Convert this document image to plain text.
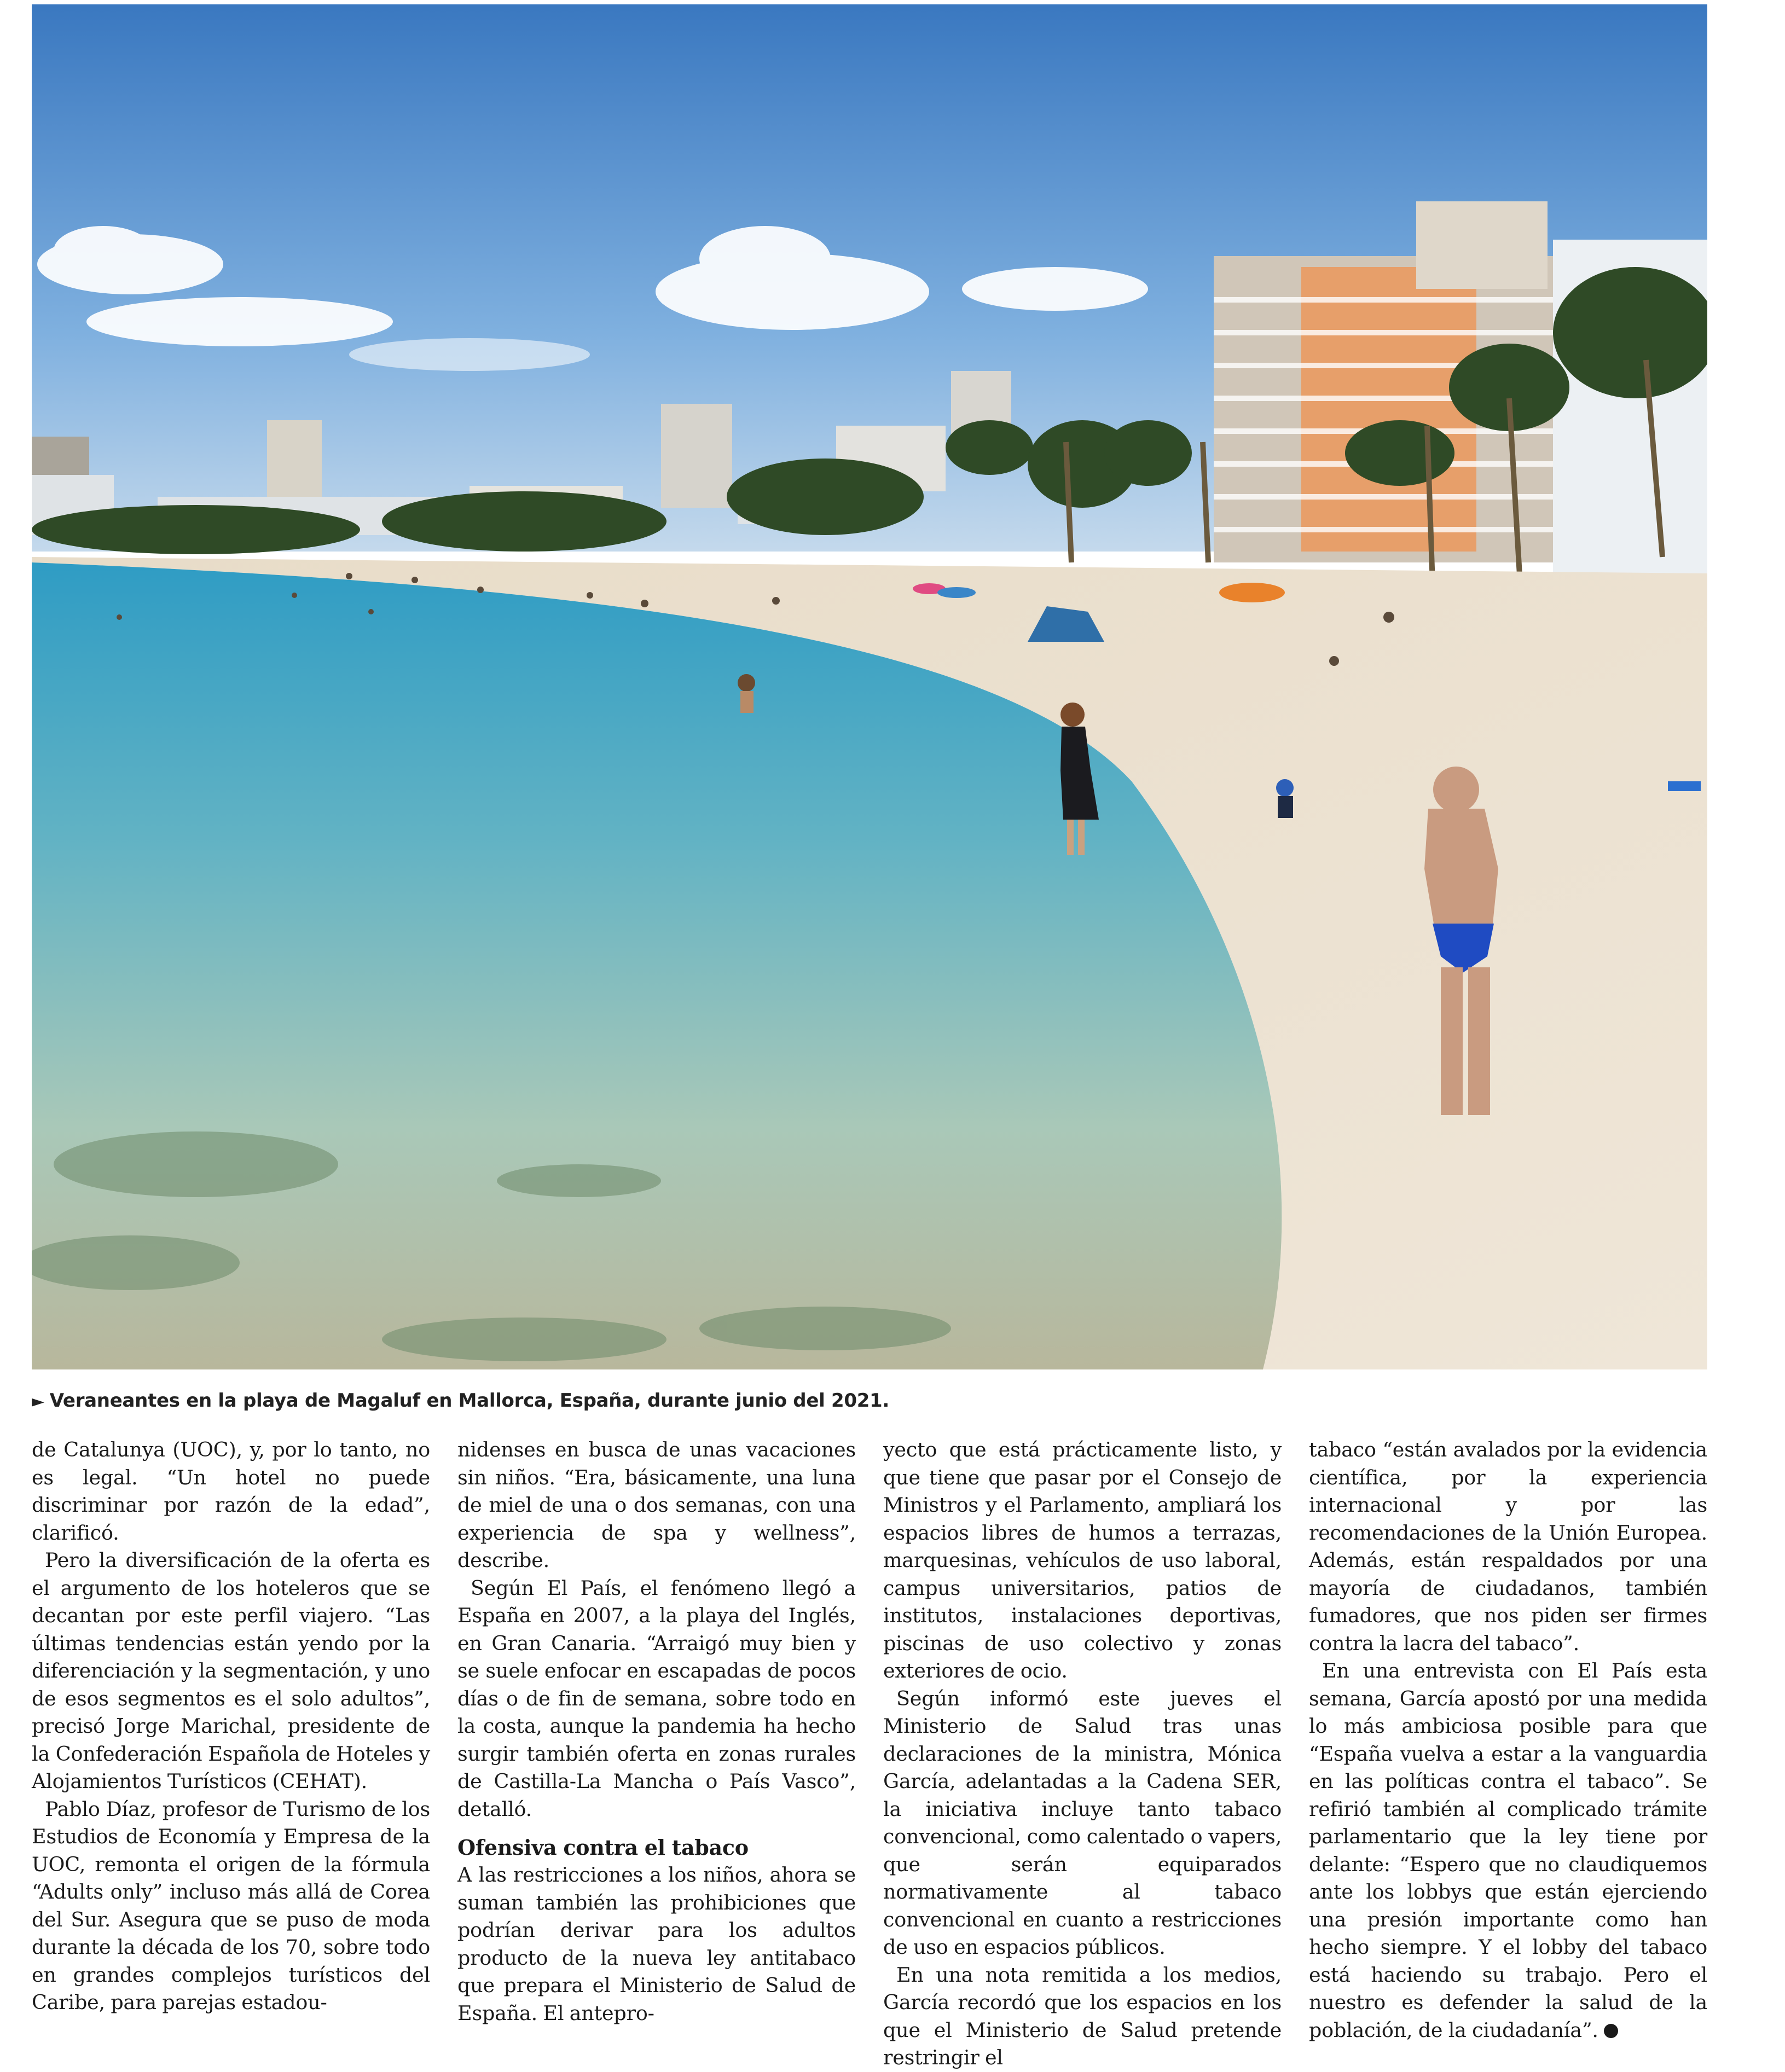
► Veraneantes en la playa de Magaluf en Mallorca, España, durante junio del 2021.

de Catalunya (UOC), y, por lo tanto, no es legal. “Un hotel no puede discriminar por razón de la edad”, clarificó.

Pero la diversificación de la oferta es el argumento de los hoteleros que se decantan por este perfil viajero. “Las últimas tendencias están yendo por la diferenciación y la segmentación, y uno de esos segmentos es el solo adultos”, precisó Jorge Marichal, presidente de la Confederación Española de Hoteles y Alojamientos Turísticos (CEHAT).

Pablo Díaz, profesor de Turismo de los Estudios de Economía y Empresa de la UOC, remonta el origen de la fórmula “Adults only” incluso más allá de Corea del Sur. Asegura que se puso de moda durante la década de los 70, sobre todo en grandes complejos turísticos del Caribe, para parejas estadou-

nidenses en busca de unas vacaciones sin niños. “Era, básicamente, una luna de miel de una o dos semanas, con una experiencia de spa y wellness”, describe.

Según El País, el fenómeno llegó a España en 2007, a la playa del Inglés, en Gran Canaria. “Arraigó muy bien y se suele enfocar en escapadas de pocos días o de fin de semana, sobre todo en la costa, aunque la pandemia ha hecho surgir también oferta en zonas rurales de Castilla-La Mancha o País Vasco”, detalló.

Ofensiva contra el tabaco

A las restricciones a los niños, ahora se suman también las prohibiciones que podrían derivar para los adultos producto de la nueva ley antitabaco que prepara el Ministerio de Salud de España. El antepro-

yecto que está prácticamente listo, y que tiene que pasar por el Consejo de Ministros y el Parlamento, ampliará los espacios libres de humos a terrazas, marquesinas, vehículos de uso laboral, campus universitarios, patios de institutos, instalaciones deportivas, piscinas de uso colectivo y zonas exteriores de ocio.

Según informó este jueves el Ministerio de Salud tras unas declaraciones de la ministra, Mónica García, adelantadas a la Cadena SER, la iniciativa incluye tanto tabaco convencional, como calentado o vapers, que serán equiparados normativamente al tabaco convencional en cuanto a restricciones de uso en espacios públicos.

En una nota remitida a los medios, García recordó que los espacios en los que el Ministerio de Salud pretende restringir el

tabaco “están avalados por la evidencia científica, por la experiencia internacional y por las recomendaciones de la Unión Europea. Además, están respaldados por una mayoría de ciudadanos, también fumadores, que nos piden ser firmes contra la lacra del tabaco”.

En una entrevista con El País esta semana, García apostó por una medida lo más ambiciosa posible para que “España vuelva a estar a la vanguardia en las políticas contra el tabaco”. Se refirió también al complicado trámite parlamentario que la ley tiene por delante: “Espero que no claudiquemos ante los lobbys que están ejerciendo una presión importante como han hecho siempre. Y el lobby del tabaco está haciendo su trabajo. Pero el nuestro es defender la salud de la población, de la ciudadanía”.
